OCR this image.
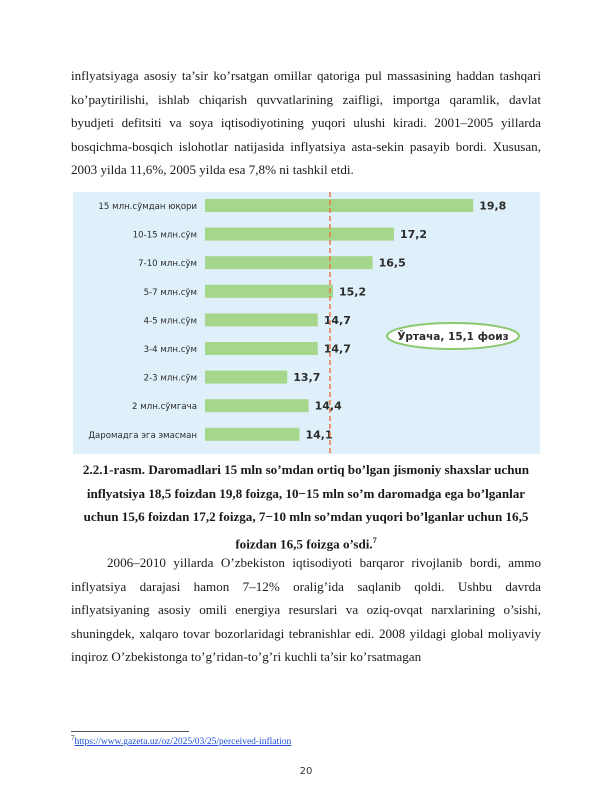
inflyatsiyaga asosiy ta’sir ko’rsatgan omillar qatoriga pul massasining haddan tashqari ko’paytirilishi, ishlab chiqarish quvvatlarining zaifligi, importga qaramlik, davlat byudjeti defitsiti va soya iqtisodiyotining yuqori ulushi kiradi. 2001–2005 yillarda bosqichma-bosqich islohotlar natijasida inflyatsiya asta-sekin pasayib bordi. Xususan, 2003 yilda 11,6%, 2005 yilda esa 7,8% ni tashkil etdi.

15 млн.сўмдан юқори	19,8
10-15 млн.сўм	17,2
7-10 млн.сўм	16,5
5-7 млн.сўм	15,2
4-5 млн.сўм	14,7
3-4 млн.сўм	14,7
2-3 млн.сўм	13,7
2 млн.сўмгача	14,4
Даромадга эга эмасман	14,1
Ўртача, 15,1 фоиз

2.2.1-rasm. Daromadlari 15 mln so’mdan ortiq bo’lgan jismoniy shaxslar uchun inflyatsiya 18,5 foizdan 19,8 foizga, 10−15 mln so’m daromadga ega bo’lganlar uchun 15,6 foizdan 17,2 foizga, 7−10 mln so’mdan yuqori bo’lganlar uchun 16,5 foizdan 16,5 foizga o’sdi.$^7$

2006–2010 yillarda O’zbekiston iqtisodiyoti barqaror rivojlanib bordi, ammo inflyatsiya darajasi hamon 7–12% oralig’ida saqlanib qoldi. Ushbu davrda inflyatsiyaning asosiy omili energiya resurslari va oziq-ovqat narxlarining o’sishi, shuningdek, xalqaro tovar bozorlaridagi tebranishlar edi. 2008 yildagi global moliyaviy inqiroz O’zbekistonga to’g’ridan-to’g’ri kuchli ta’sir ko’rsatmagan

$^7$https://www.gazeta.uz/oz/2025/03/25/perceived-inflation
20
